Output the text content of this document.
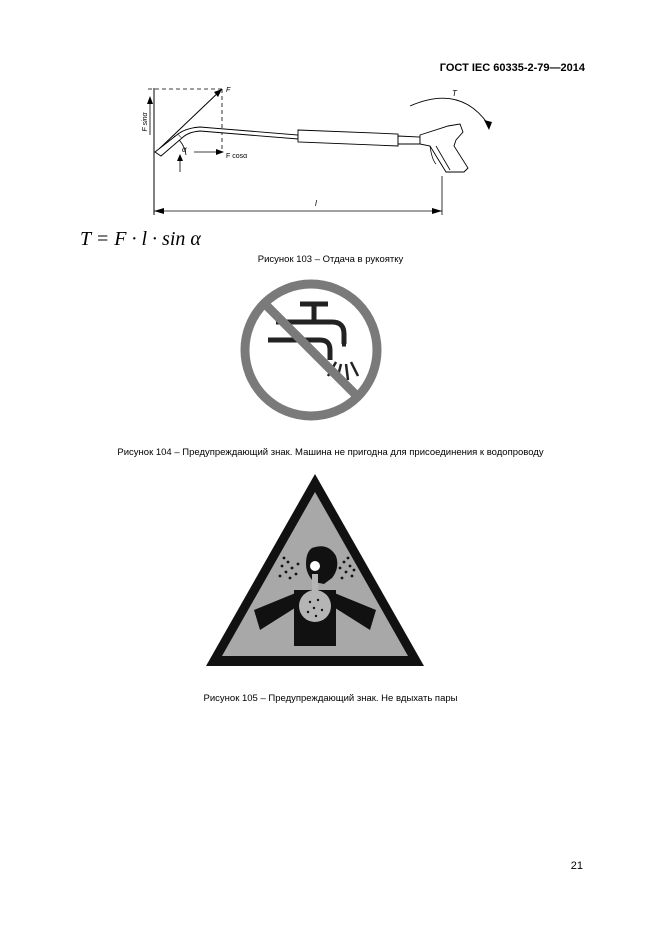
ГОСТ IEC 60335-2-79—2014
F sinα
F
α
F cosα
T
l
T = F · l · sin α
Рисунок 103 – Отдача в рукоятку
Рисунок 104 – Предупреждающий знак. Машина не пригодна для присоединения к водопроводу
Рисунок 105 – Предупреждающий знак. Не вдыхать пары
21
